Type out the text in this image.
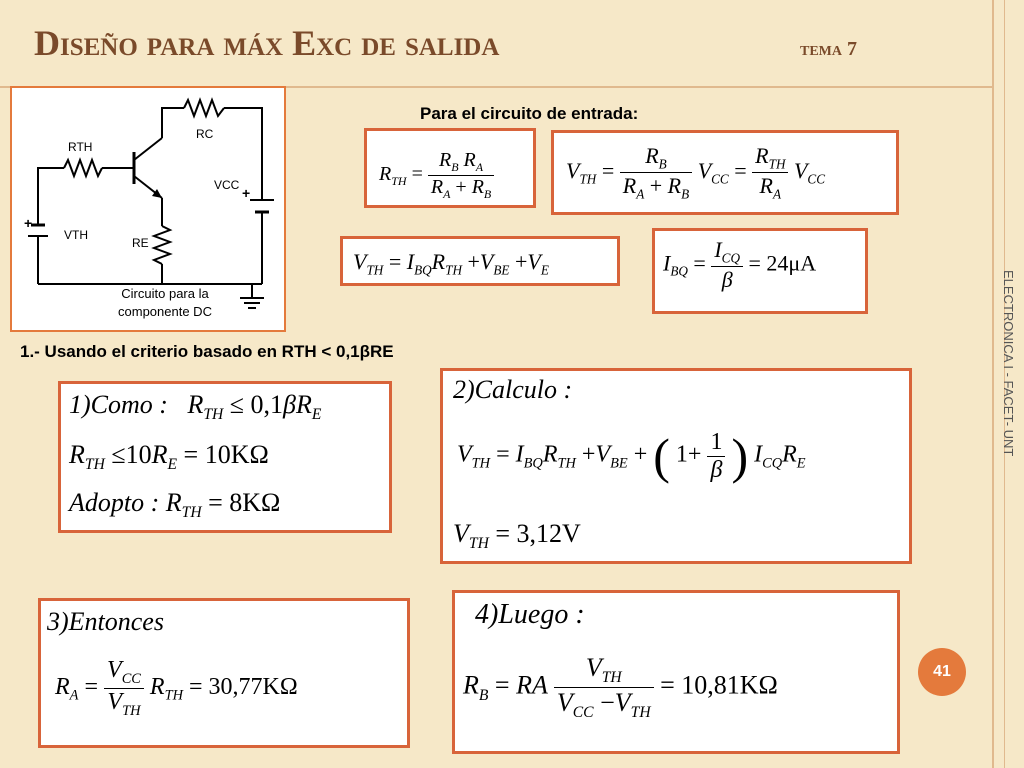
Diseño para máx Exc de salida	tema 7
ELECTRONICA I - FACET- UNT
+
+
RC
RTH
VCC
VTH
RE
Circuito para la
componente DC
Para el circuito de entrada:
$R_{TH} = \frac{R_B R_A}{R_A + R_B}$	$V_{TH} = \frac{R_B}{R_A + R_B} V_{CC} = \frac{R_{TH}}{R_A} V_{CC}$
$V_{TH} = I_{BQ}R_{TH} +V_{BE} +V_E$	$I_{BQ} = \frac{I_{CQ}}{\beta} = 24\mu A$
1.- Usando el criterio basado en RTH < 0,1βRE
1)Como :   $R_{TH} \le 0,1\beta R_E$
$R_{TH} \le 10R_E = 10K\Omega$
Adopto : $R_{TH} = 8K\Omega$
2)Calculo :
$V_{TH} = I_{BQ}R_{TH} +V_{BE}$ + ( $1+ \frac{1}{\beta}$ ) $I_{CQ}R_E$
$V_{TH} = 3,12V$
3)Entonces
$R_A = \frac{V_{CC}}{V_{TH}} R_{TH} = 30,77K\Omega$
4)Luego :
$R_B$ = RA $\frac{V_{TH}}{V_{CC} -V_{TH}} = 10,81K\Omega$	41
